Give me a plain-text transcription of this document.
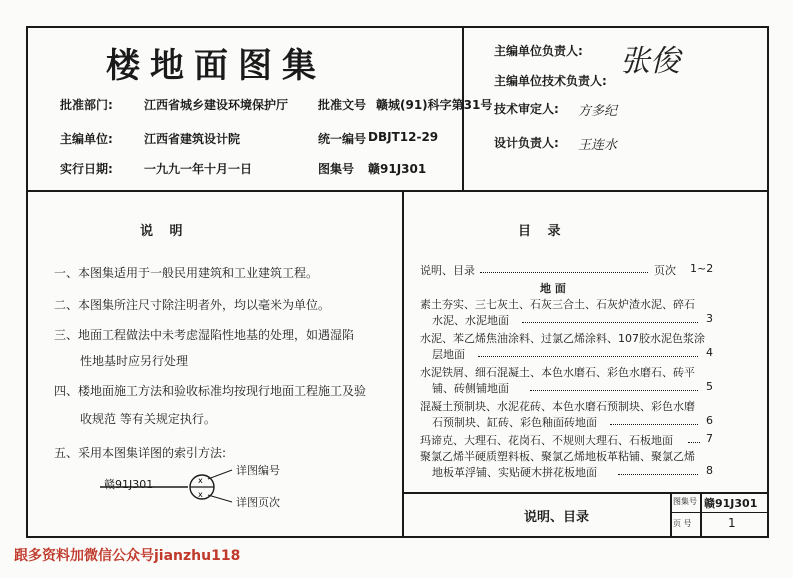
楼地面图集
批准部门:	江西省城乡建设环境保护厅 批准文号 赣城(91)科字第31号
主编单位:	江西省建筑设计院	统一编号 DBJT12-29
实行日期:	一九九一年十月一日	图集号 赣91J301
主编单位负责人: 张俊
主编单位技术负责人:
技术审定人: 方多纪
设计负责人: 王连水
说 明
一、本图集适用于一般民用建筑和工业建筑工程。
二、本图集所注尺寸除注明者外，均以毫米为单位。
三、地面工程做法中未考虑湿陷性地基的处理，如遇湿陷
性地基时应另行处理
四、楼地面施工方法和验收标准均按现行地面工程施工及验
收规范 等有关规定执行。
五、采用本图集详图的索引方法:
x
x
赣91J301
详图编号
详图页次
目 录
说明、目录	页次 1~2
地 面
素土夯实、三七灰土、石灰三合土、石灰炉渣水泥、碎石
水泥、水泥地面	3
水泥、苯乙烯焦油涂料、过氯乙烯涂料、107胶水泥色浆涂
层地面	4
水泥铁屑、细石混凝土、本色水磨石、彩色水磨石、砖平
铺、砖侧铺地面	5
混凝土预制块、水泥花砖、本色水磨石预制块、彩色水磨
石预制块、缸砖、彩色釉面砖地面	6
玛谛克、大理石、花岗石、不规则大理石、石板地面	7
聚氯乙烯半硬质塑料板、聚氯乙烯地板革粘铺、聚氯乙烯
地板革浮铺、实贴硬木拼花板地面	8
说明、目录
图集号 赣91J301
页 号	1
跟多资料加微信公众号jianzhu118
